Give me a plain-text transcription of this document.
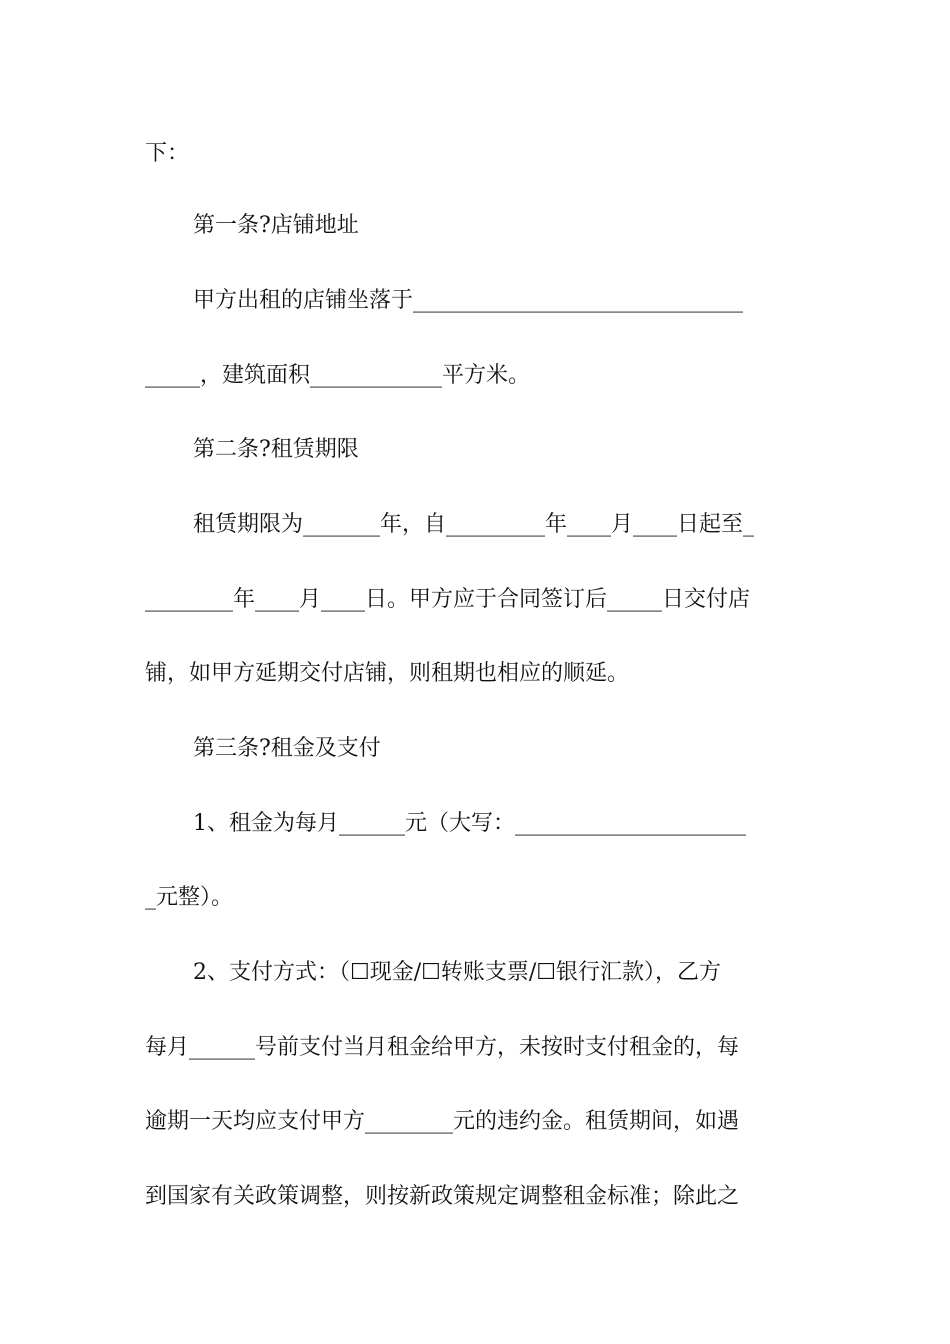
下：
第一条?店铺地址
甲方出租的店铺坐落于______________________________
_____，建筑面积____________平方米。
第二条?租赁期限
租赁期限为_______年，自_________年____月____日起至_
________年____月____日。甲方应于合同签订后_____日交付店
铺，如甲方延期交付店铺，则租期也相应的顺延。
第三条?租金及支付
1、租金为每月______元（大写：_____________________
_元整）。
2、支付方式：（☐现金/☐转账支票/☐银行汇款），乙方
每月______号前支付当月租金给甲方，未按时支付租金的，每
逾期一天均应支付甲方________元的违约金。租赁期间，如遇
到国家有关政策调整，则按新政策规定调整租金标准；除此之
